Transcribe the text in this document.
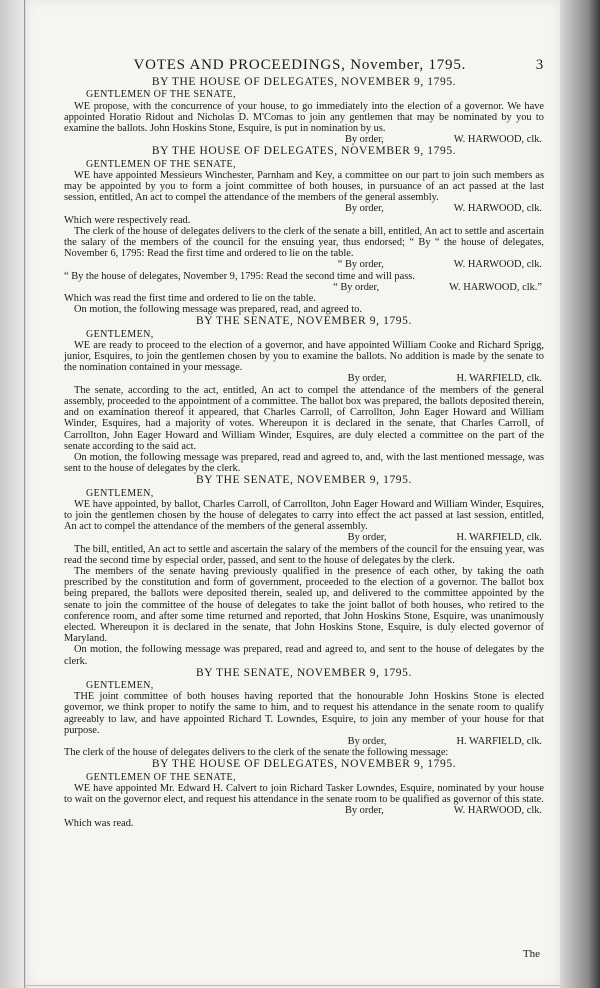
VOTES AND PROCEEDINGS, November, 1795.	3
BY THE HOUSE OF DELEGATES, NOVEMBER 9, 1795.
GENTLEMEN OF THE SENATE,

WE propose, with the concurrence of your house, to go immediately into the election of a governor. We have appointed Horatio Ridout and Nicholas D. M'Comas to join any gentlemen that may be nominated by you to examine the ballots. John Hoskins Stone, Esquire, is put in nomination by us.

By order,	W. HARWOOD, clk.
BY THE HOUSE OF DELEGATES, NOVEMBER 9, 1795.
GENTLEMEN OF THE SENATE,

WE have appointed Messieurs Winchester, Parnham and Key, a committee on our part to join such members as may be appointed by you to form a joint committee of both houses, in pursuance of an act passed at the last session, entitled, An act to compel the attendance of the members of the general assembly.

By order,	W. HARWOOD, clk.

Which were respectively read.

The clerk of the house of delegates delivers to the clerk of the senate a bill, entitled, An act to settle and ascertain the salary of the members of the council for the ensuing year, thus endorsed; “ By “ the house of delegates, November 6, 1795: Read the first time and ordered to lie on the table.

“ By order,	W. HARWOOD, clk.

“ By the house of delegates, November 9, 1795: Read the second time and will pass.

“ By order,	W. HARWOOD, clk.”

Which was read the first time and ordered to lie on the table.

On motion, the following message was prepared, read, and agreed to.

BY THE SENATE, NOVEMBER 9, 1795.
GENTLEMEN,

WE are ready to proceed to the election of a governor, and have appointed William Cooke and Richard Sprigg, junior, Esquires, to join the gentlemen chosen by you to examine the ballots. No addition is made by the senate to the nomination contained in your message.

By order,	H. WARFIELD, clk.

The senate, according to the act, entitled, An act to compel the attendance of the members of the general assembly, proceeded to the appointment of a committee. The ballot box was prepared, the ballots deposited therein, and on examination thereof it appeared, that Charles Carroll, of Carrollton, John Eager Howard and William Winder, Esquires, had a majority of votes. Whereupon it is declared in the senate, that Charles Carroll, of Carrollton, John Eager Howard and William Winder, Esquires, are duly elected a committee on the part of the senate according to the said act.

On motion, the following message was prepared, read and agreed to, and, with the last mentioned message, was sent to the house of delegates by the clerk.

BY THE SENATE, NOVEMBER 9, 1795.
GENTLEMEN,

WE have appointed, by ballot, Charles Carroll, of Carrollton, John Eager Howard and William Winder, Esquires, to join the gentlemen chosen by the house of delegates to carry into effect the act passed at last session, entitled, An act to compel the attendance of the members of the general assembly.

By order,	H. WARFIELD, clk.

The bill, entitled, An act to settle and ascertain the salary of the members of the council for the ensuing year, was read the second time by especial order, passed, and sent to the house of delegates by the clerk.

The members of the senate having previously qualified in the presence of each other, by taking the oath prescribed by the constitution and form of government, proceeded to the election of a governor. The ballot box being prepared, the ballots were deposited therein, sealed up, and delivered to the committee appointed by the senate to join the committee of the house of delegates to take the joint ballot of both houses, who retired to the conference room, and after some time returned and reported, that John Hoskins Stone, Esquire, was unanimously elected. Whereupon it is declared in the senate, that John Hoskins Stone, Esquire, is duly elected governor of Maryland.

On motion, the following message was prepared, read and agreed to, and sent to the house of delegates by the clerk.

BY THE SENATE, NOVEMBER 9, 1795.
GENTLEMEN,

THE joint committee of both houses having reported that the honourable John Hoskins Stone is elected governor, we think proper to notify the same to him, and to request his attendance in the senate room to qualify agreeably to law, and have appointed Richard T. Lowndes, Esquire, to join any member of your house for that purpose.

By order,	H. WARFIELD, clk.

The clerk of the house of delegates delivers to the clerk of the senate the following message:

BY THE HOUSE OF DELEGATES, NOVEMBER 9, 1795.
GENTLEMEN OF THE SENATE,

WE have appointed Mr. Edward H. Calvert to join Richard Tasker Lowndes, Esquire, nominated by your house to wait on the governor elect, and request his attendance in the senate room to be qualified as governor of this state.

By order,	W. HARWOOD, clk.

Which was read.

The
